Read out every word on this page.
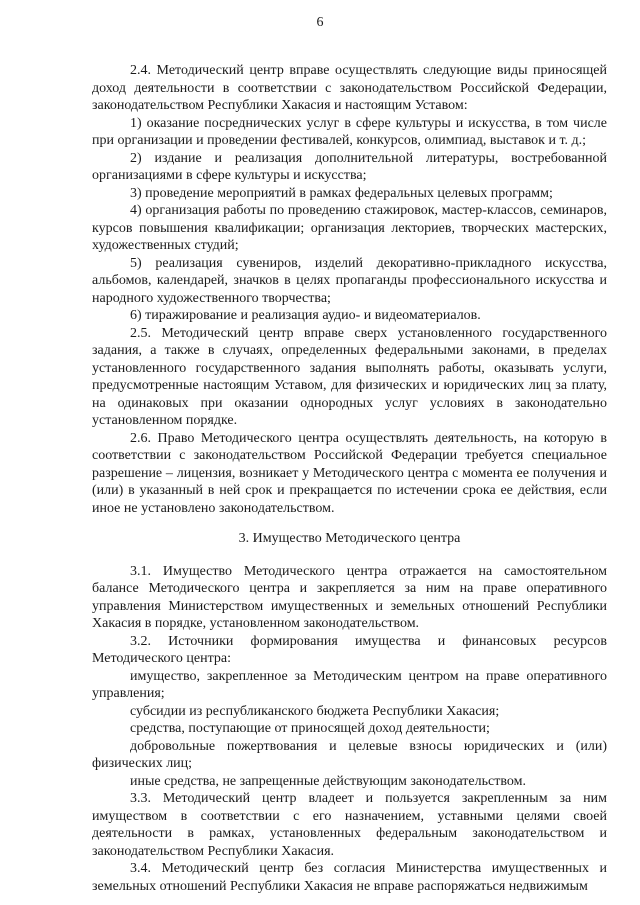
6

2.4. Методический центр вправе осуществлять следующие виды приносящей доход деятельности в соответствии с законодательством Российской Федерации, законодательством Республики Хакасия и настоящим Уставом:

1) оказание посреднических услуг в сфере культуры и искусства, в том числе при организации и проведении фестивалей, конкурсов, олимпиад, выставок и т. д.;

2) издание и реализация дополнительной литературы, востребованной организациями в сфере культуры и искусства;

3) проведение мероприятий в рамках федеральных целевых программ;

4) организация работы по проведению стажировок, мастер-классов, семинаров, курсов повышения квалификации; организация лекториев, творческих мастерских, художественных студий;

5) реализация сувениров, изделий декоративно-прикладного искусства, альбомов, календарей, значков в целях пропаганды профессионального искусства и народного художественного творчества;

6) тиражирование и реализация аудио- и видеоматериалов.

2.5. Методический центр вправе сверх установленного государственного задания, а также в случаях, определенных федеральными законами, в пределах установленного государственного задания выполнять работы, оказывать услуги, предусмотренные настоящим Уставом, для физических и юридических лиц за плату, на одинаковых при оказании однородных услуг условиях в законодательно установленном порядке.

2.6. Право Методического центра осуществлять деятельность, на которую в соответствии с законодательством Российской Федерации требуется специальное разрешение – лицензия, возникает у Методического центра с момента ее получения и (или) в указанный в ней срок и прекращается по истечении срока ее действия, если иное не установлено законодательством.

3. Имущество Методического центра

3.1. Имущество Методического центра отражается на самостоятельном балансе Методического центра и закрепляется за ним на праве оперативного управления Министерством имущественных и земельных отношений Республики Хакасия в порядке, установленном законодательством.

3.2. Источники формирования имущества и финансовых ресурсов Методического центра:

имущество, закрепленное за Методическим центром на праве оперативного управления;

субсидии из республиканского бюджета Республики Хакасия;

средства, поступающие от приносящей доход деятельности;

добровольные пожертвования и целевые взносы юридических и (или) физических лиц;

иные средства, не запрещенные действующим законодательством.

3.3. Методический центр владеет и пользуется закрепленным за ним имуществом в соответствии с его назначением, уставными целями своей деятельности в рамках, установленных федеральным законодательством и законодательством Республики Хакасия.

3.4. Методический центр без согласия Министерства имущественных и земельных отношений Республики Хакасия не вправе распоряжаться недвижимым
